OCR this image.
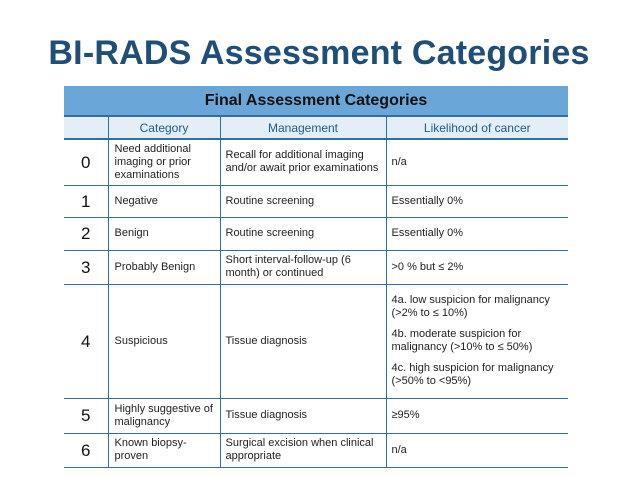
BI-RADS Assessment Categories
Final Assessment Categories			
	Category	Management	Likelihood of cancer
0	Need additional imaging or prior examinations	Recall for additional imaging and/or await prior examinations	n/a
1	Negative	Routine screening	Essentially 0%
2	Benign	Routine screening	Essentially 0%
3	Probably Benign	Short interval-follow-up (6 month) or continued	>0 % but ≤ 2%
4	Suspicious	Tissue diagnosis	4a. low suspicion for malignancy (>2% to ≤ 10%)
4b. moderate suspicion for malignancy (>10% to ≤ 50%)
4c. high suspicion for malignancy (>50% to <95%)

5	Highly suggestive of malignancy	Tissue diagnosis	≥95%
6	Known biopsy-proven	Surgical excision when clinical appropriate	n/a
